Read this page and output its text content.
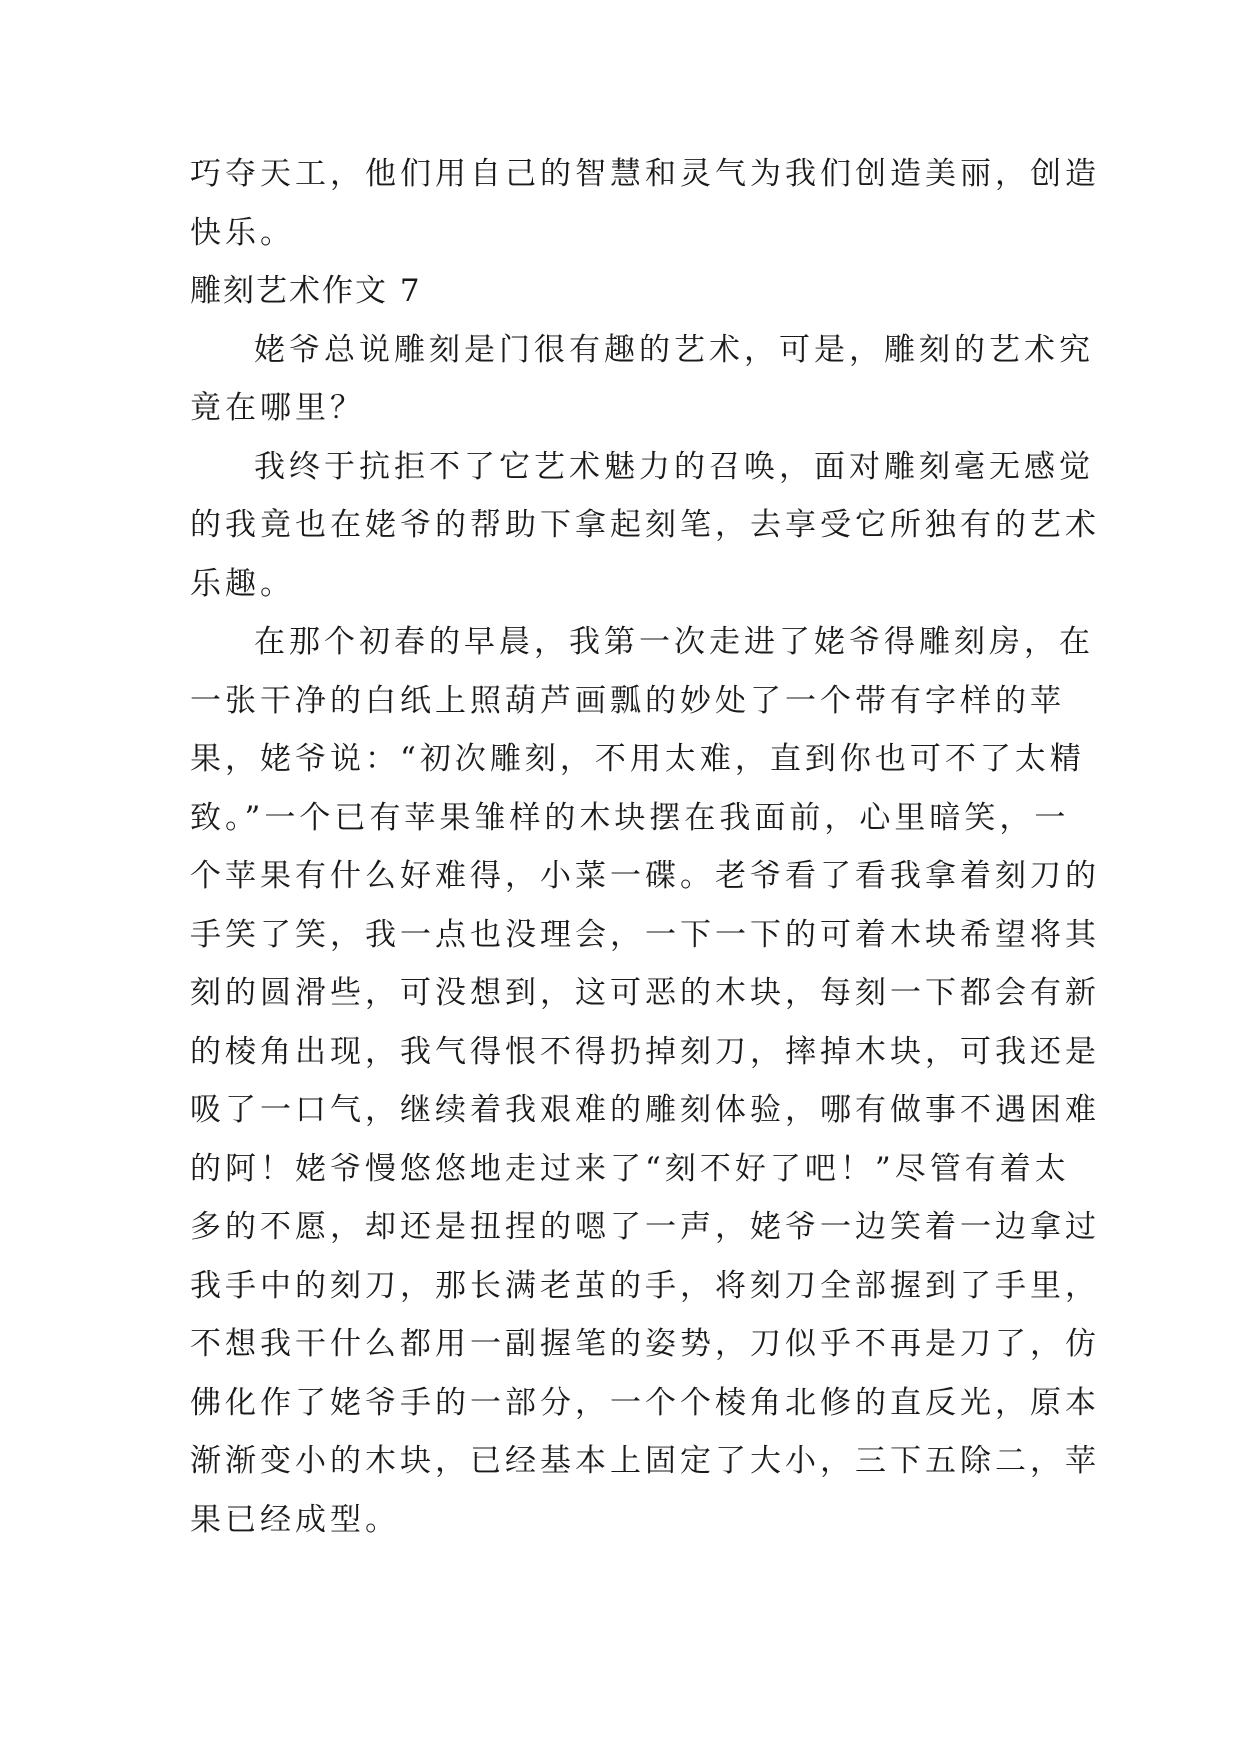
巧夺天工，他们用自己的智慧和灵气为我们创造美丽，创造
快乐。
雕刻艺术作文 7
姥爷总说雕刻是门很有趣的艺术，可是，雕刻的艺术究
竟在哪里？
我终于抗拒不了它艺术魅力的召唤，面对雕刻毫无感觉
的我竟也在姥爷的帮助下拿起刻笔，去享受它所独有的艺术
乐趣。
在那个初春的早晨，我第一次走进了姥爷得雕刻房，在
一张干净的白纸上照葫芦画瓢的妙处了一个带有字样的苹
果，姥爷说：“初次雕刻，不用太难，直到你也可不了太精
致。”一个已有苹果雏样的木块摆在我面前，心里暗笑，一
个苹果有什么好难得，小菜一碟。老爷看了看我拿着刻刀的
手笑了笑，我一点也没理会，一下一下的可着木块希望将其
刻的圆滑些，可没想到，这可恶的木块，每刻一下都会有新
的棱角出现，我气得恨不得扔掉刻刀，摔掉木块，可我还是
吸了一口气，继续着我艰难的雕刻体验，哪有做事不遇困难
的阿！姥爷慢悠悠地走过来了“刻不好了吧！”尽管有着太
多的不愿，却还是扭捏的嗯了一声，姥爷一边笑着一边拿过
我手中的刻刀，那长满老茧的手，将刻刀全部握到了手里，
不想我干什么都用一副握笔的姿势，刀似乎不再是刀了，仿
佛化作了姥爷手的一部分，一个个棱角北修的直反光，原本
渐渐变小的木块，已经基本上固定了大小，三下五除二，苹
果已经成型。
